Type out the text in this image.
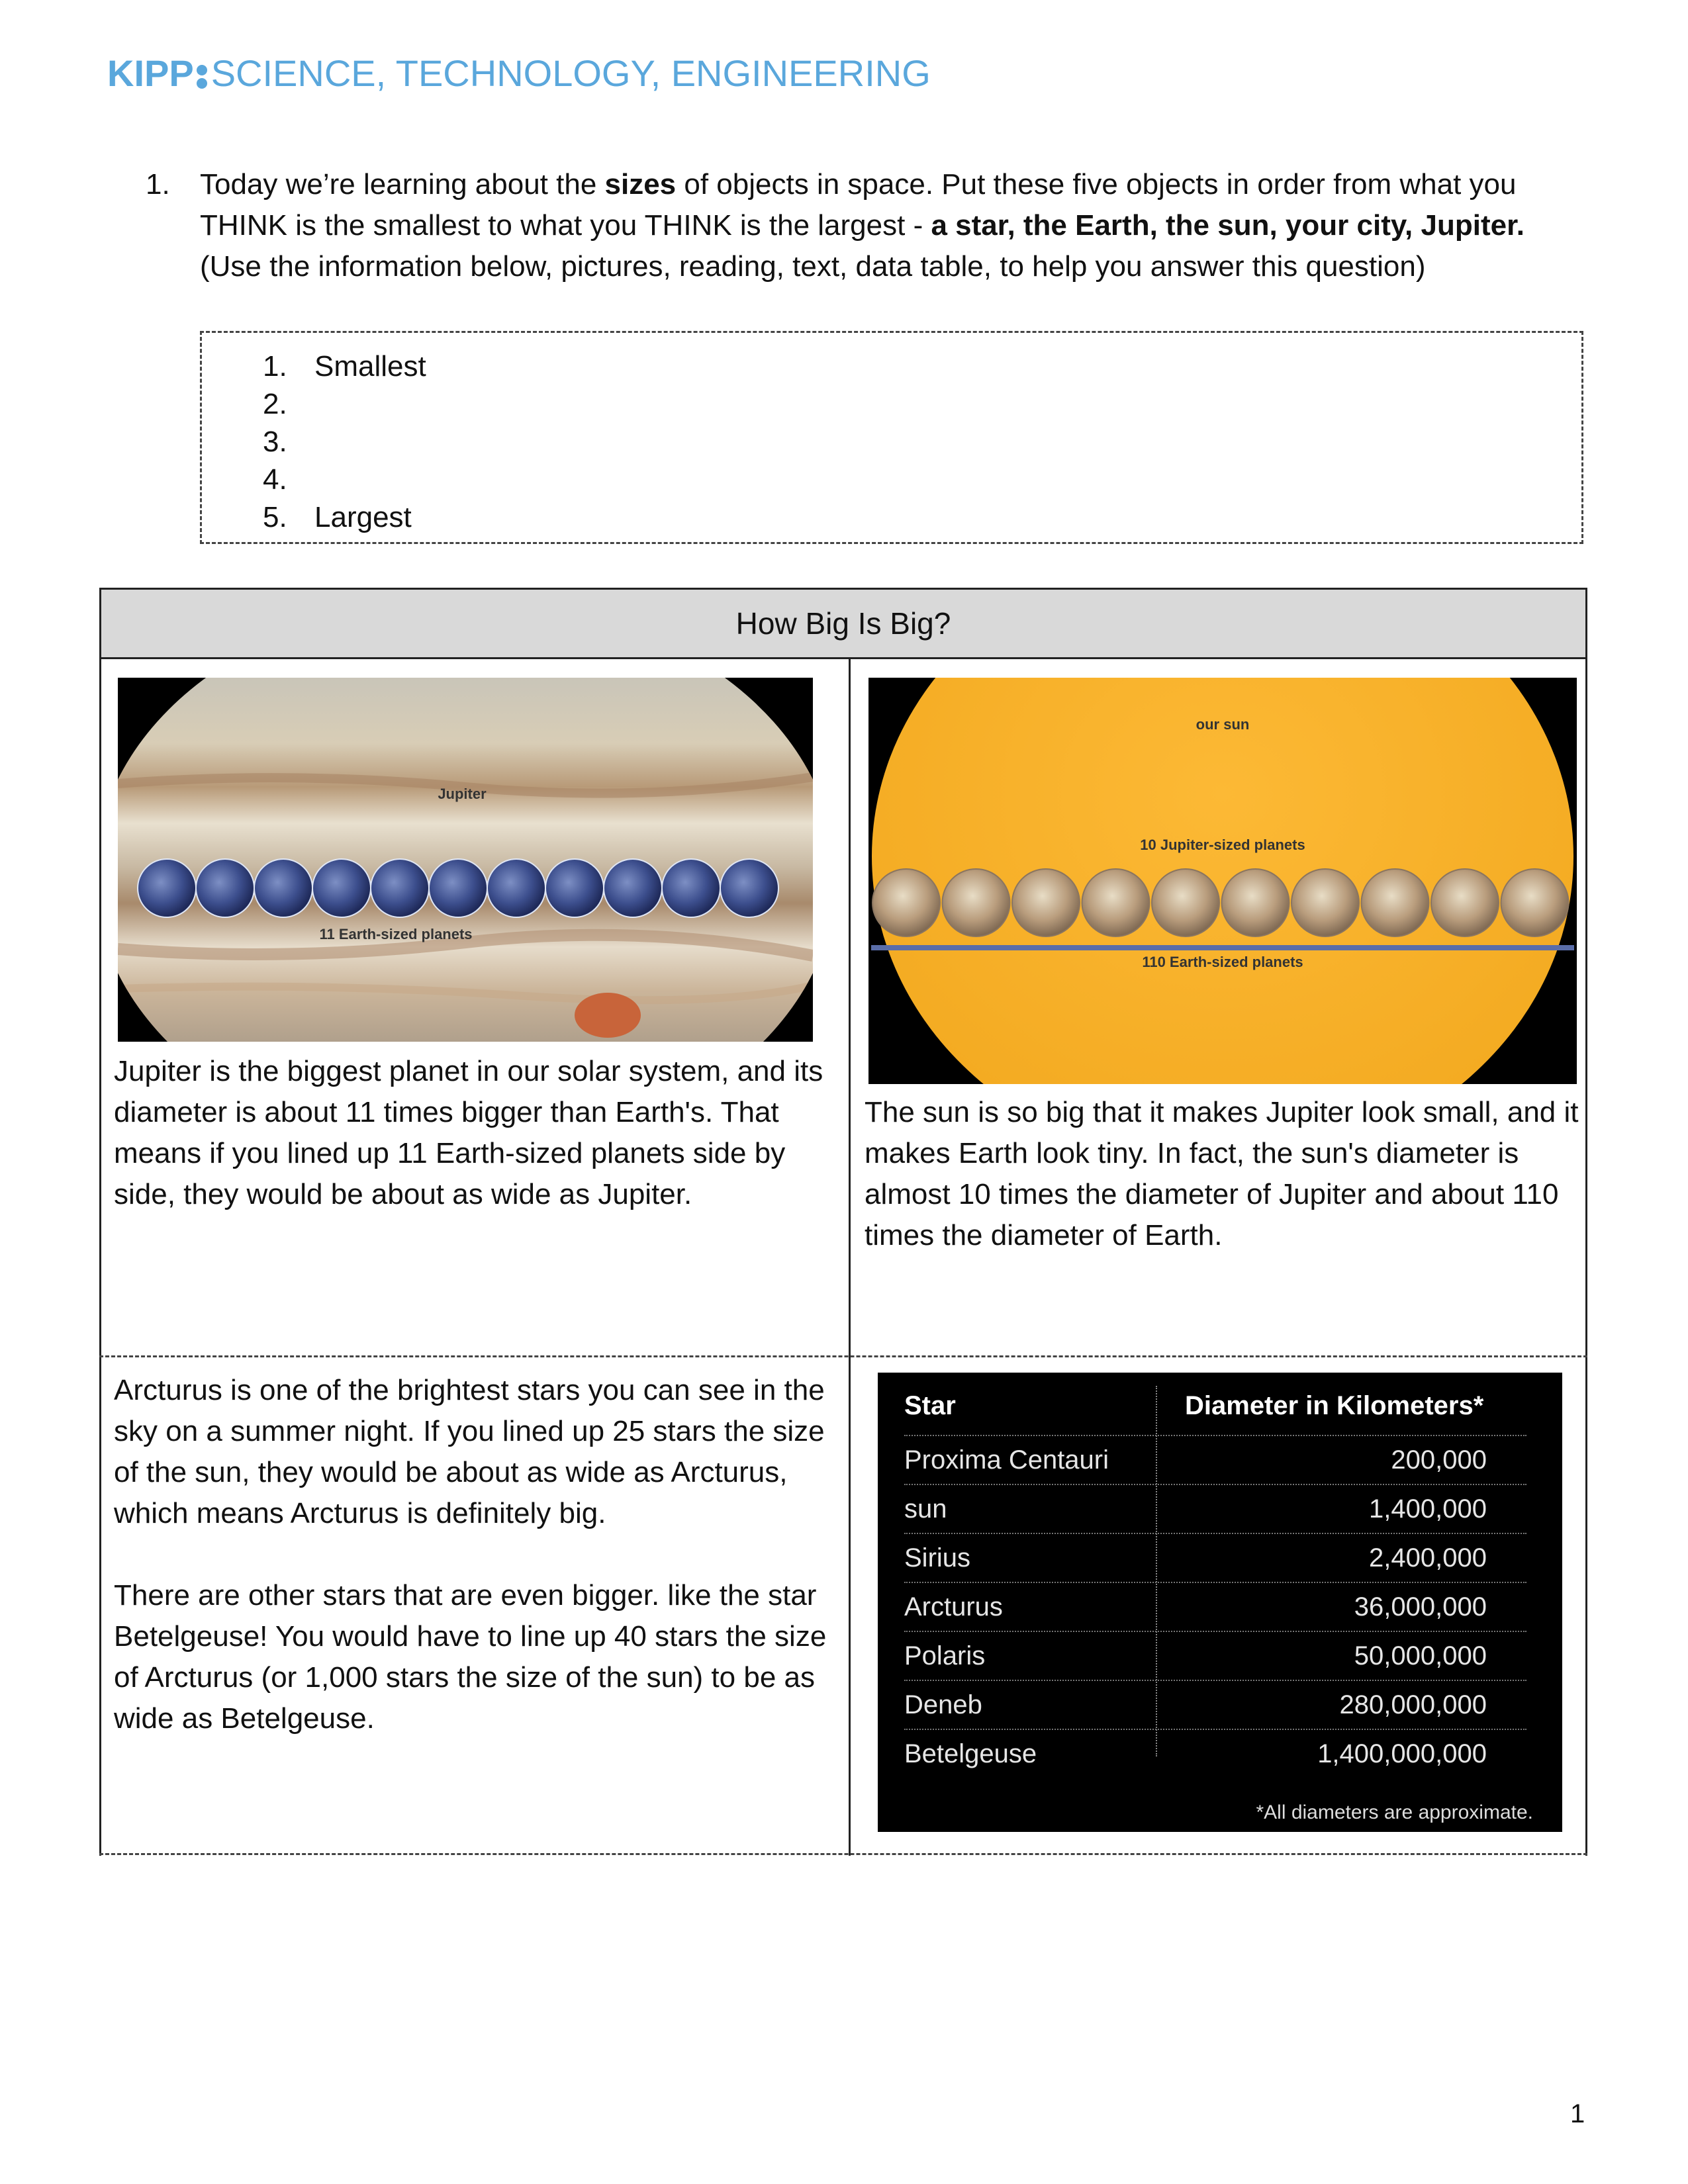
KIPP SCIENCE, TECHNOLOGY, ENGINEERING
1. Today we’re learning about the sizes of objects in space. Put these five objects in order from what you THINK is the smallest to what you THINK is the largest - a star, the Earth, the sun, your city, Jupiter. (Use the information below, pictures, reading, text, data table, to help you answer this question)
1. Smallest
2.
3.
4.
5. Largest
How Big Is Big?
Jupiter
11 Earth-sized planets

Jupiter is the biggest planet in our solar system, and its diameter is about 11 times bigger than Earth's. That means if you lined up 11 Earth-sized planets side by side, they would be about as wide as Jupiter.

our sun
10 Jupiter-sized planets
110 Earth-sized planets

The sun is so big that it makes Jupiter look small, and it makes Earth look tiny. In fact, the sun's diameter is almost 10 times the diameter of Jupiter and about 110 times the diameter of Earth.

Arcturus is one of the brightest stars you can see in the sky on a summer night. If you lined up 25 stars the size of the sun, they would be about as wide as Arcturus, which means Arcturus is definitely big.

There are other stars that are even bigger. like the star Betelgeuse! You would have to line up 40 stars the size of Arcturus (or 1,000 stars the size of the sun) to be as wide as Betelgeuse.

Star	Diameter in Kilometers*
Proxima Centauri	200,000
sun	1,400,000
Sirius	2,400,000
Arcturus	36,000,000
Polaris	50,000,000
Deneb	280,000,000
Betelgeuse	1,400,000,000
*All diameters are approximate.
1
